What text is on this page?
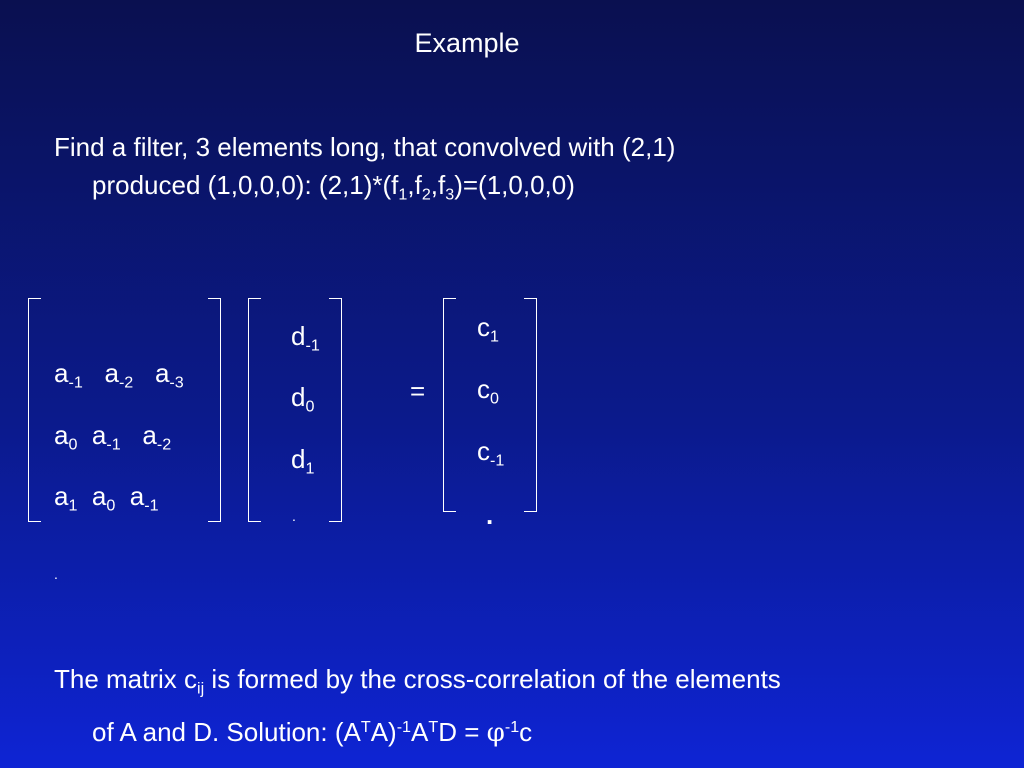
Example
Find a filter, 3 elements long, that convolved with (2,1)
produced (1,0,0,0): $(2,1)*(f_1,f_2,f_3)=(1,0,0,0)$
$a_{-1}$ $a_{-2}$ $a_{-3}$
$a_0$ $a_{-1}$ $a_{-2}$
$a_1$ $a_0$ $a_{-1}$
.
$d_{-1}$
$d_0$
$d_1$
.
=
$c_1$
$c_0$
$c_{-1}$
.
The matrix $c_{ij}$ is formed by the cross-correlation of the elements
of A and D. Solution: $(A^TA)^{-1}A^TD = \varphi^{-1}c$
